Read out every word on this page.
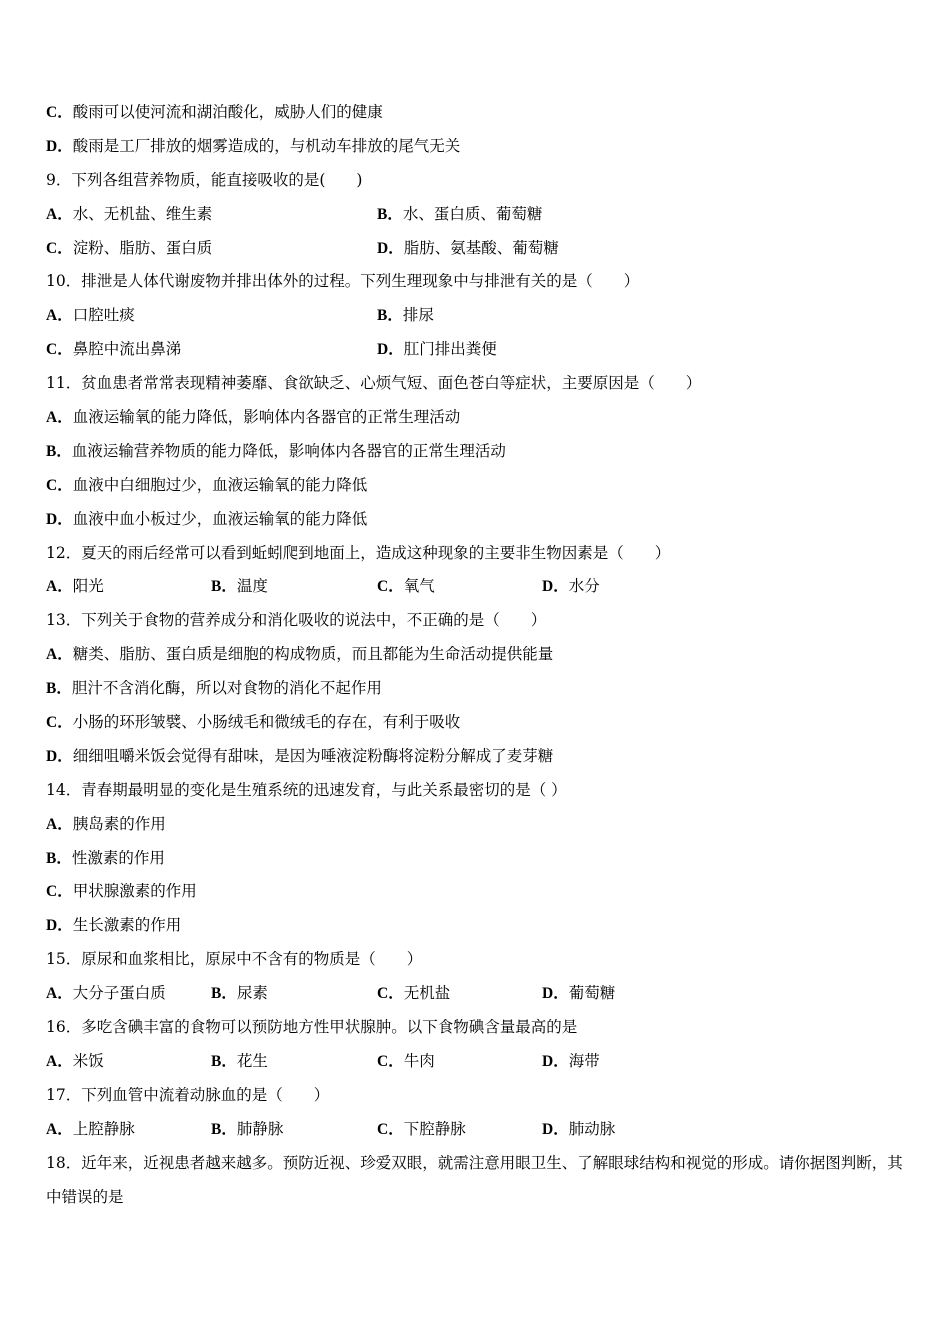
C．酸雨可以使河流和湖泊酸化，威胁人们的健康
D．酸雨是工厂排放的烟雾造成的，与机动车排放的尾气无关
9．下列各组营养物质，能直接吸收的是(　　)
A．水、无机盐、维生素	B．水、蛋白质、葡萄糖
C．淀粉、脂肪、蛋白质	D．脂肪、氨基酸、葡萄糖
10．排泄是人体代谢废物并排出体外的过程。下列生理现象中与排泄有关的是（　　）
A．口腔吐痰	B．排尿
C．鼻腔中流出鼻涕	D．肛门排出粪便
11．贫血患者常常表现精神萎靡、食欲缺乏、心烦气短、面色苍白等症状，主要原因是（　　）
A．血液运输氧的能力降低，影响体内各器官的正常生理活动
B．血液运输营养物质的能力降低，影响体内各器官的正常生理活动
C．血液中白细胞过少，血液运输氧的能力降低
D．血液中血小板过少，血液运输氧的能力降低
12．夏天的雨后经常可以看到蚯蚓爬到地面上，造成这种现象的主要非生物因素是（　　）
A．阳光	B．温度	C．氧气	D．水分
13．下列关于食物的营养成分和消化吸收的说法中，不正确的是（　　）
A．糖类、脂肪、蛋白质是细胞的构成物质，而且都能为生命活动提供能量
B．胆汁不含消化酶，所以对食物的消化不起作用
C．小肠的环形皱襞、小肠绒毛和微绒毛的存在，有利于吸收
D．细细咀嚼米饭会觉得有甜味，是因为唾液淀粉酶将淀粉分解成了麦芽糖
14．青春期最明显的变化是生殖系统的迅速发育，与此关系最密切的是（ ）
A．胰岛素的作用
B．性激素的作用
C．甲状腺激素的作用
D．生长激素的作用
15．原尿和血浆相比，原尿中不含有的物质是（　　）
A．大分子蛋白质	B．尿素	C．无机盐	D．葡萄糖
16．多吃含碘丰富的食物可以预防地方性甲状腺肿。以下食物碘含量最高的是
A．米饭	B．花生	C．牛肉	D．海带
17．下列血管中流着动脉血的是（　　）
A．上腔静脉	B．肺静脉	C．下腔静脉	D．肺动脉
18．近年来，近视患者越来越多。预防近视、珍爱双眼，就需注意用眼卫生、了解眼球结构和视觉的形成。请你据图判断，其中错误的是
